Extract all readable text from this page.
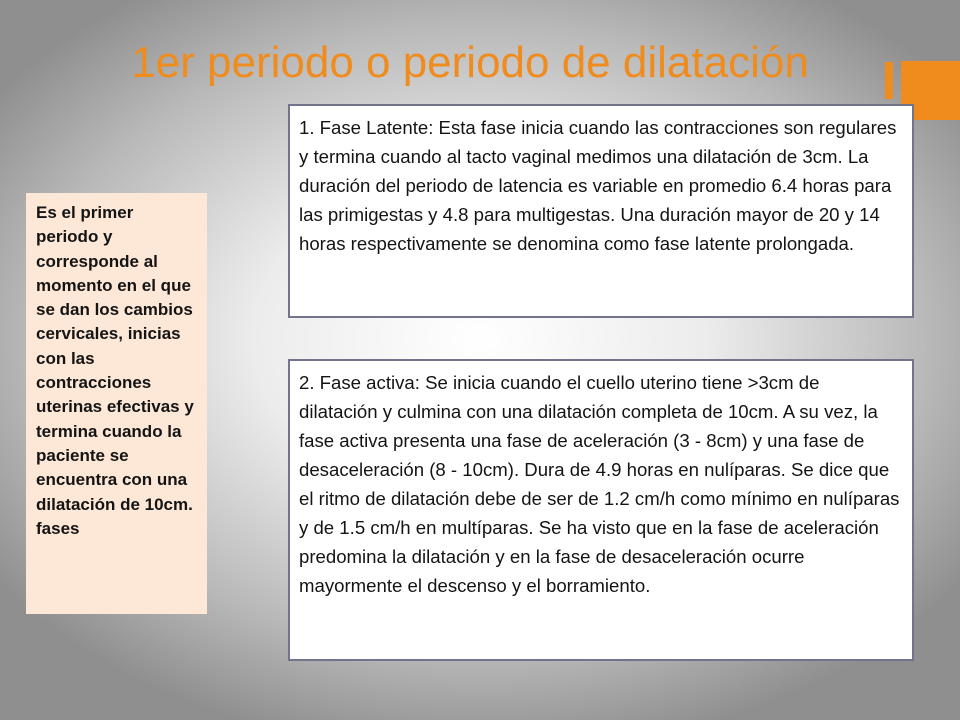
1er periodo o periodo de dilatación
Es el primer periodo y corresponde al momento en el que se dan los cambios cervicales, inicias con las contracciones uterinas efectivas y termina cuando la paciente se encuentra con una dilatación de 10cm. fases
1. Fase Latente: Esta fase inicia cuando las contracciones son regulares y termina cuando al tacto vaginal medimos una dilatación de 3cm. La duración del periodo de latencia es variable en promedio 6.4 horas para las primigestas y 4.8 para multigestas. Una duración mayor de 20 y 14 horas respectivamente se denomina como fase latente prolongada.
2. Fase activa: Se inicia cuando el cuello uterino tiene >3cm de dilatación y culmina con una dilatación completa de 10cm. A su vez, la fase activa presenta una fase de aceleración (3 - 8cm) y una fase de desaceleración (8 - 10cm). Dura de 4.9 horas en nulíparas. Se dice que el ritmo de dilatación debe de ser de 1.2 cm/h como mínimo en nulíparas y de 1.5 cm/h en multíparas. Se ha visto que en la fase de aceleración predomina la dilatación y en la fase de desaceleración ocurre mayormente el descenso y el borramiento.
